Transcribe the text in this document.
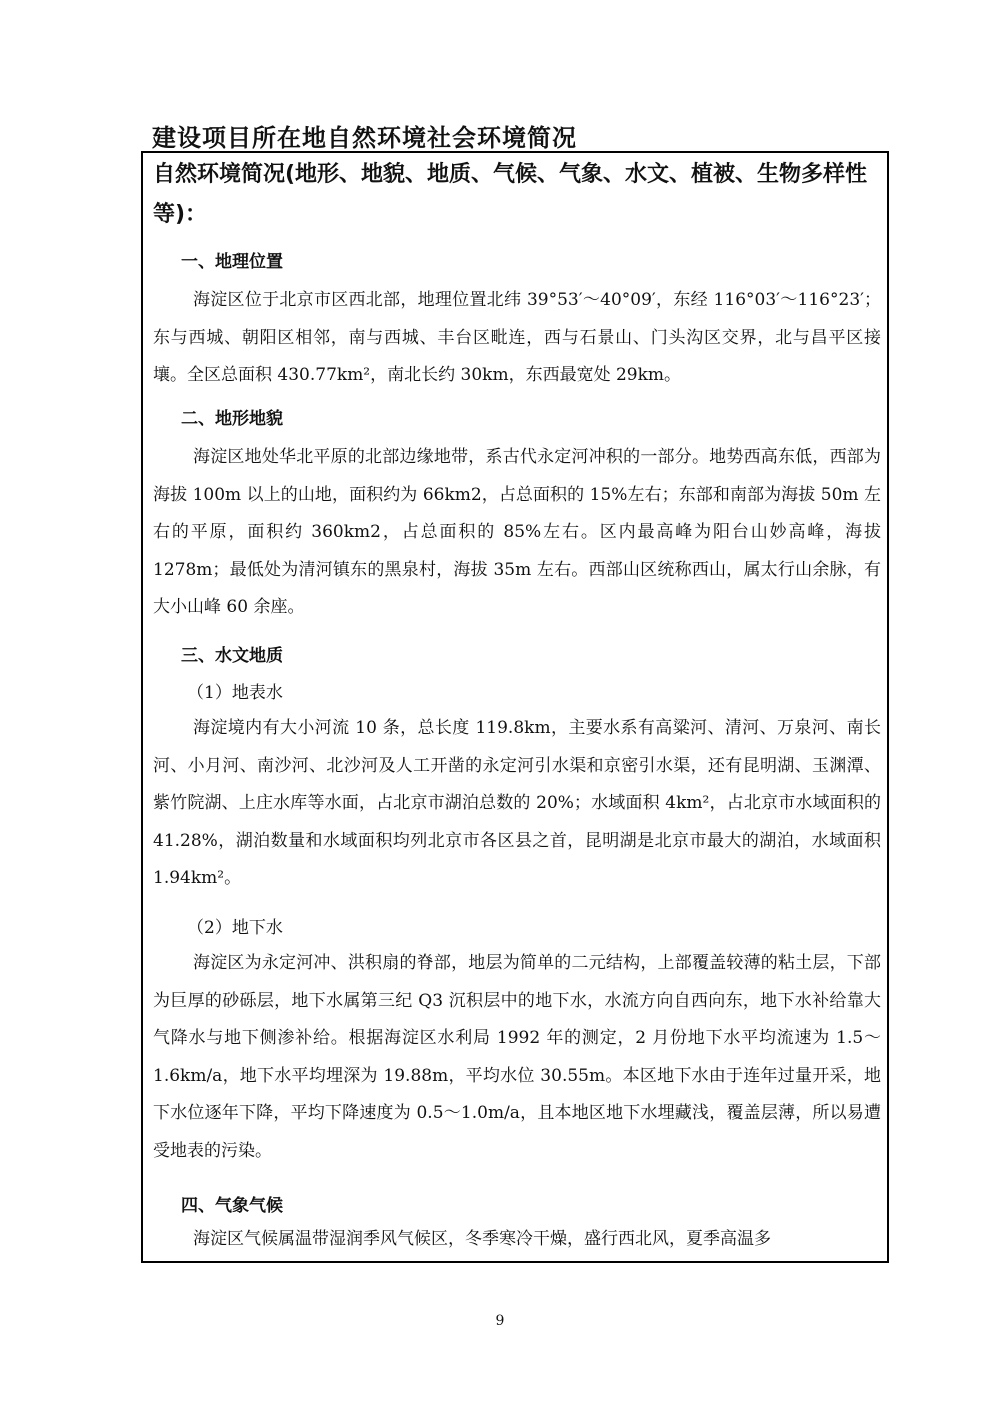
建设项目所在地自然环境社会环境简况
自然环境简况(地形、地貌、地质、气候、气象、水文、植被、生物多样性等)：
一、地理位置
海淀区位于北京市区西北部，地理位置北纬 39°53′～40°09′，东经 116°03′～116°23′；东与西城、朝阳区相邻，南与西城、丰台区毗连，西与石景山、门头沟区交界，北与昌平区接壤。全区总面积 430.77km²，南北长约 30km，东西最宽处 29km。
二、地形地貌
海淀区地处华北平原的北部边缘地带，系古代永定河冲积的一部分。地势西高东低，西部为海拔 100m 以上的山地，面积约为 66km2，占总面积的 15%左右；东部和南部为海拔 50m 左右的平原，面积约 360km2，占总面积的 85%左右。区内最高峰为阳台山妙高峰，海拔 1278m；最低处为清河镇东的黑泉村，海拔 35m 左右。西部山区统称西山，属太行山余脉，有大小山峰 60 余座。
三、水文地质
（1）地表水
海淀境内有大小河流 10 条，总长度 119.8km，主要水系有高粱河、清河、万泉河、南长河、小月河、南沙河、北沙河及人工开凿的永定河引水渠和京密引水渠，还有昆明湖、玉渊潭、紫竹院湖、上庄水库等水面，占北京市湖泊总数的 20%；水域面积 4km²，占北京市水域面积的 41.28%，湖泊数量和水域面积均列北京市各区县之首，昆明湖是北京市最大的湖泊，水域面积 1.94km²。
（2）地下水
海淀区为永定河冲、洪积扇的脊部，地层为简单的二元结构，上部覆盖较薄的粘土层，下部为巨厚的砂砾层，地下水属第三纪 Q3 沉积层中的地下水，水流方向自西向东，地下水补给靠大气降水与地下侧渗补给。根据海淀区水利局 1992 年的测定，2 月份地下水平均流速为 1.5～1.6km/a，地下水平均埋深为 19.88m，平均水位 30.55m。本区地下水由于连年过量开采，地下水位逐年下降，平均下降速度为 0.5～1.0m/a，且本地区地下水埋藏浅，覆盖层薄，所以易遭受地表的污染。
四、气象气候
海淀区气候属温带湿润季风气候区，冬季寒冷干燥，盛行西北风，夏季高温多
9
